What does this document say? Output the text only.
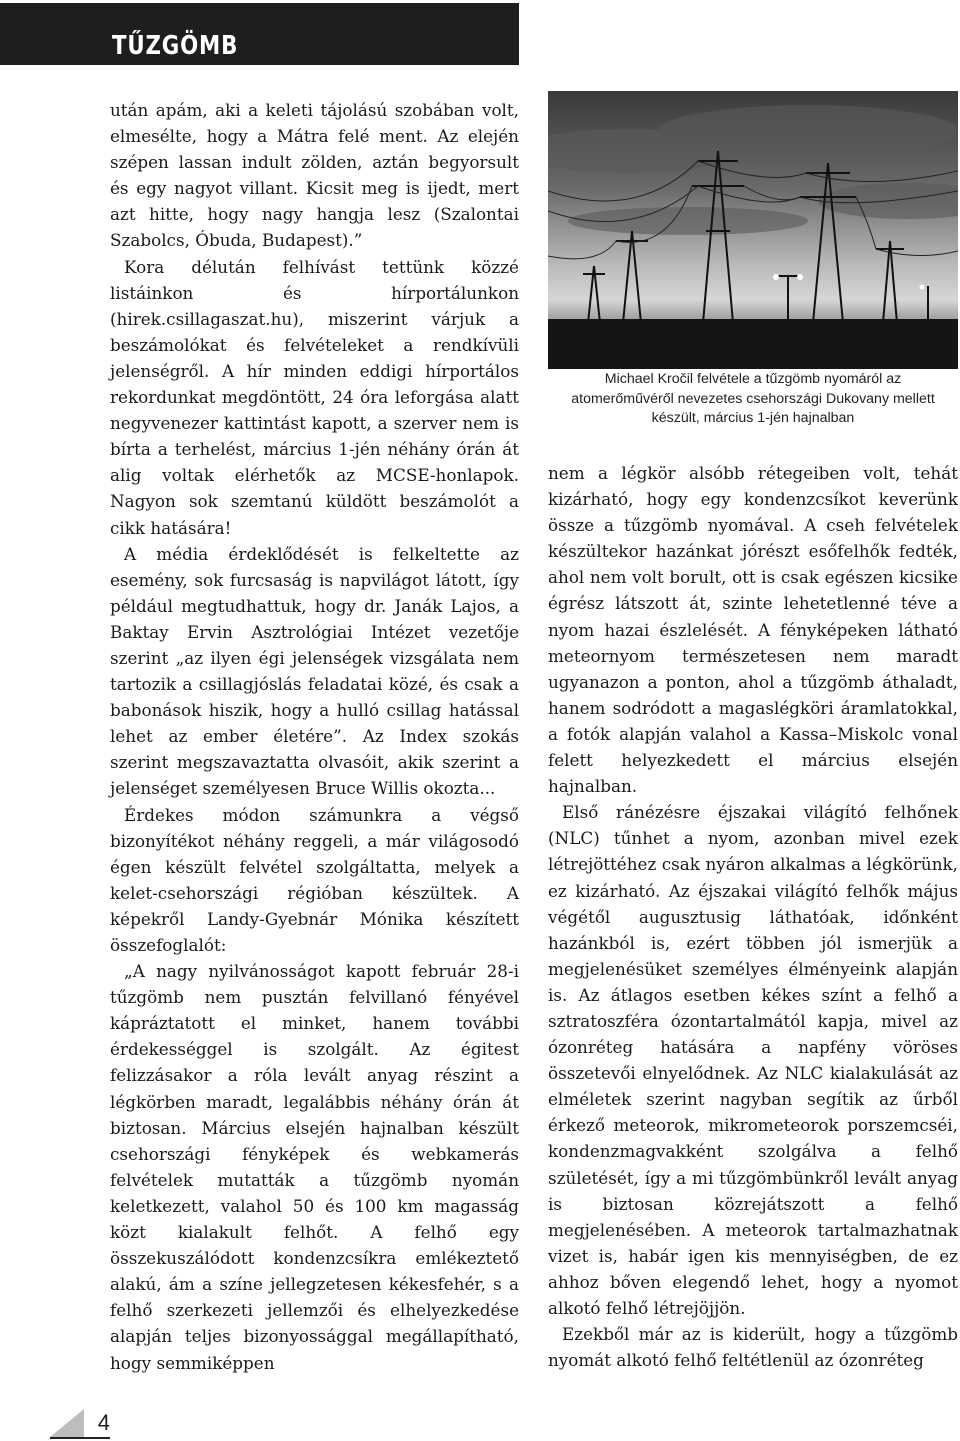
TŰZGÖMB

után apám, aki a keleti tájolású szobában volt, elmesélte, hogy a Mátra felé ment. Az elején szépen lassan indult zölden, aztán begyorsult és egy nagyot villant. Kicsit meg is ijedt, mert azt hitte, hogy nagy hangja lesz (Szalontai Szabolcs, Óbuda, Budapest).”

Kora délután felhívást tettünk közzé listáinkon és hírportálunkon (hirek.csillagaszat.hu), miszerint várjuk a beszámolókat és felvételeket a rendkívüli jelenségről. A hír minden eddigi hírportálos rekordunkat megdöntött, 24 óra leforgása alatt negyvenezer kattintást kapott, a szerver nem is bírta a terhelést, március 1-jén néhány órán át alig voltak elérhetők az MCSE-honlapok. Nagyon sok szemtanú küldött beszámolót a cikk hatására!

A média érdeklődését is felkeltette az esemény, sok furcsaság is napvilágot látott, így például megtudhattuk, hogy dr. Janák Lajos, a Baktay Ervin Asztrológiai Intézet vezetője szerint „az ilyen égi jelenségek vizsgálata nem tartozik a csillagjóslás feladatai közé, és csak a babonások hiszik, hogy a hulló csillag hatással lehet az ember életére”. Az Index szokás szerint megszavaztatta olvasóit, akik szerint a jelenséget személyesen Bruce Willis okozta...

Érdekes módon számunkra a végső bizonyítékot néhány reggeli, a már világosodó égen készült felvétel szolgáltatta, melyek a kelet-csehországi régióban készültek. A képekről Landy-Gyebnár Mónika készített összefoglalót:

„A nagy nyilvánosságot kapott február 28-i tűzgömb nem pusztán felvillanó fényével kápráztatott el minket, hanem további érdekességgel is szolgált. Az égitest felizzásakor a róla levált anyag részint a légkörben maradt, legalábbis néhány órán át biztosan. Március elsején hajnalban készült csehországi fényképek és webkamerás felvételek mutatták a tűzgömb nyomán keletkezett, valahol 50 és 100 km magasság közt kialakult felhőt. A felhő egy összekuszálódott kondenzcsíkra emlékeztető alakú, ám a színe jellegzetesen kékesfehér, s a felhő szerkezeti jellemzői és elhelyezkedése alapján teljes bizonyossággal megállapítható, hogy semmiképpen

Michael Kročil felvétele a tűzgömb nyomáról az
atomerőművéről nevezetes csehországi Dukovany mellett
készült, március 1-jén hajnalban

nem a légkör alsóbb rétegeiben volt, tehát kizárható, hogy egy kondenzcsíkot keverünk össze a tűzgömb nyomával. A cseh felvételek készültekor hazánkat jórészt esőfelhők fedték, ahol nem volt borult, ott is csak egészen kicsike égrész látszott át, szinte lehetetlenné téve a nyom hazai észlelését. A fényképeken látható meteornyom természetesen nem maradt ugyanazon a ponton, ahol a tűzgömb áthaladt, hanem sodródott a magaslégköri áramlatokkal, a fotók alapján valahol a Kassa–Miskolc vonal felett helyezkedett el március elsején hajnalban.

Első ránézésre éjszakai világító felhőnek (NLC) tűnhet a nyom, azonban mivel ezek létrejöttéhez csak nyáron alkalmas a légkörünk, ez kizárható. Az éjszakai világító felhők május végétől augusztusig láthatóak, időnként hazánkból is, ezért többen jól ismerjük a megjelenésüket személyes élményeink alapján is. Az átlagos esetben kékes színt a felhő a sztratoszféra ózontartalmától kapja, mivel az ózonréteg hatására a napfény vöröses összetevői elnyelődnek. Az NLC kialakulását az elméletek szerint nagyban segítik az űrből érkező meteorok, mikrometeorok porszemcséi, kondenzmagvakként szolgálva a felhő születését, így a mi tűzgömbünkről levált anyag is biztosan közrejátszott a felhő megjelenésében. A meteorok tartalmazhatnak vizet is, habár igen kis mennyiségben, de ez ahhoz bőven elegendő lehet, hogy a nyomot alkotó felhő létrejöjjön.

Ezekből már az is kiderült, hogy a tűzgömb nyomát alkotó felhő feltétlenül az ózonréteg

4
